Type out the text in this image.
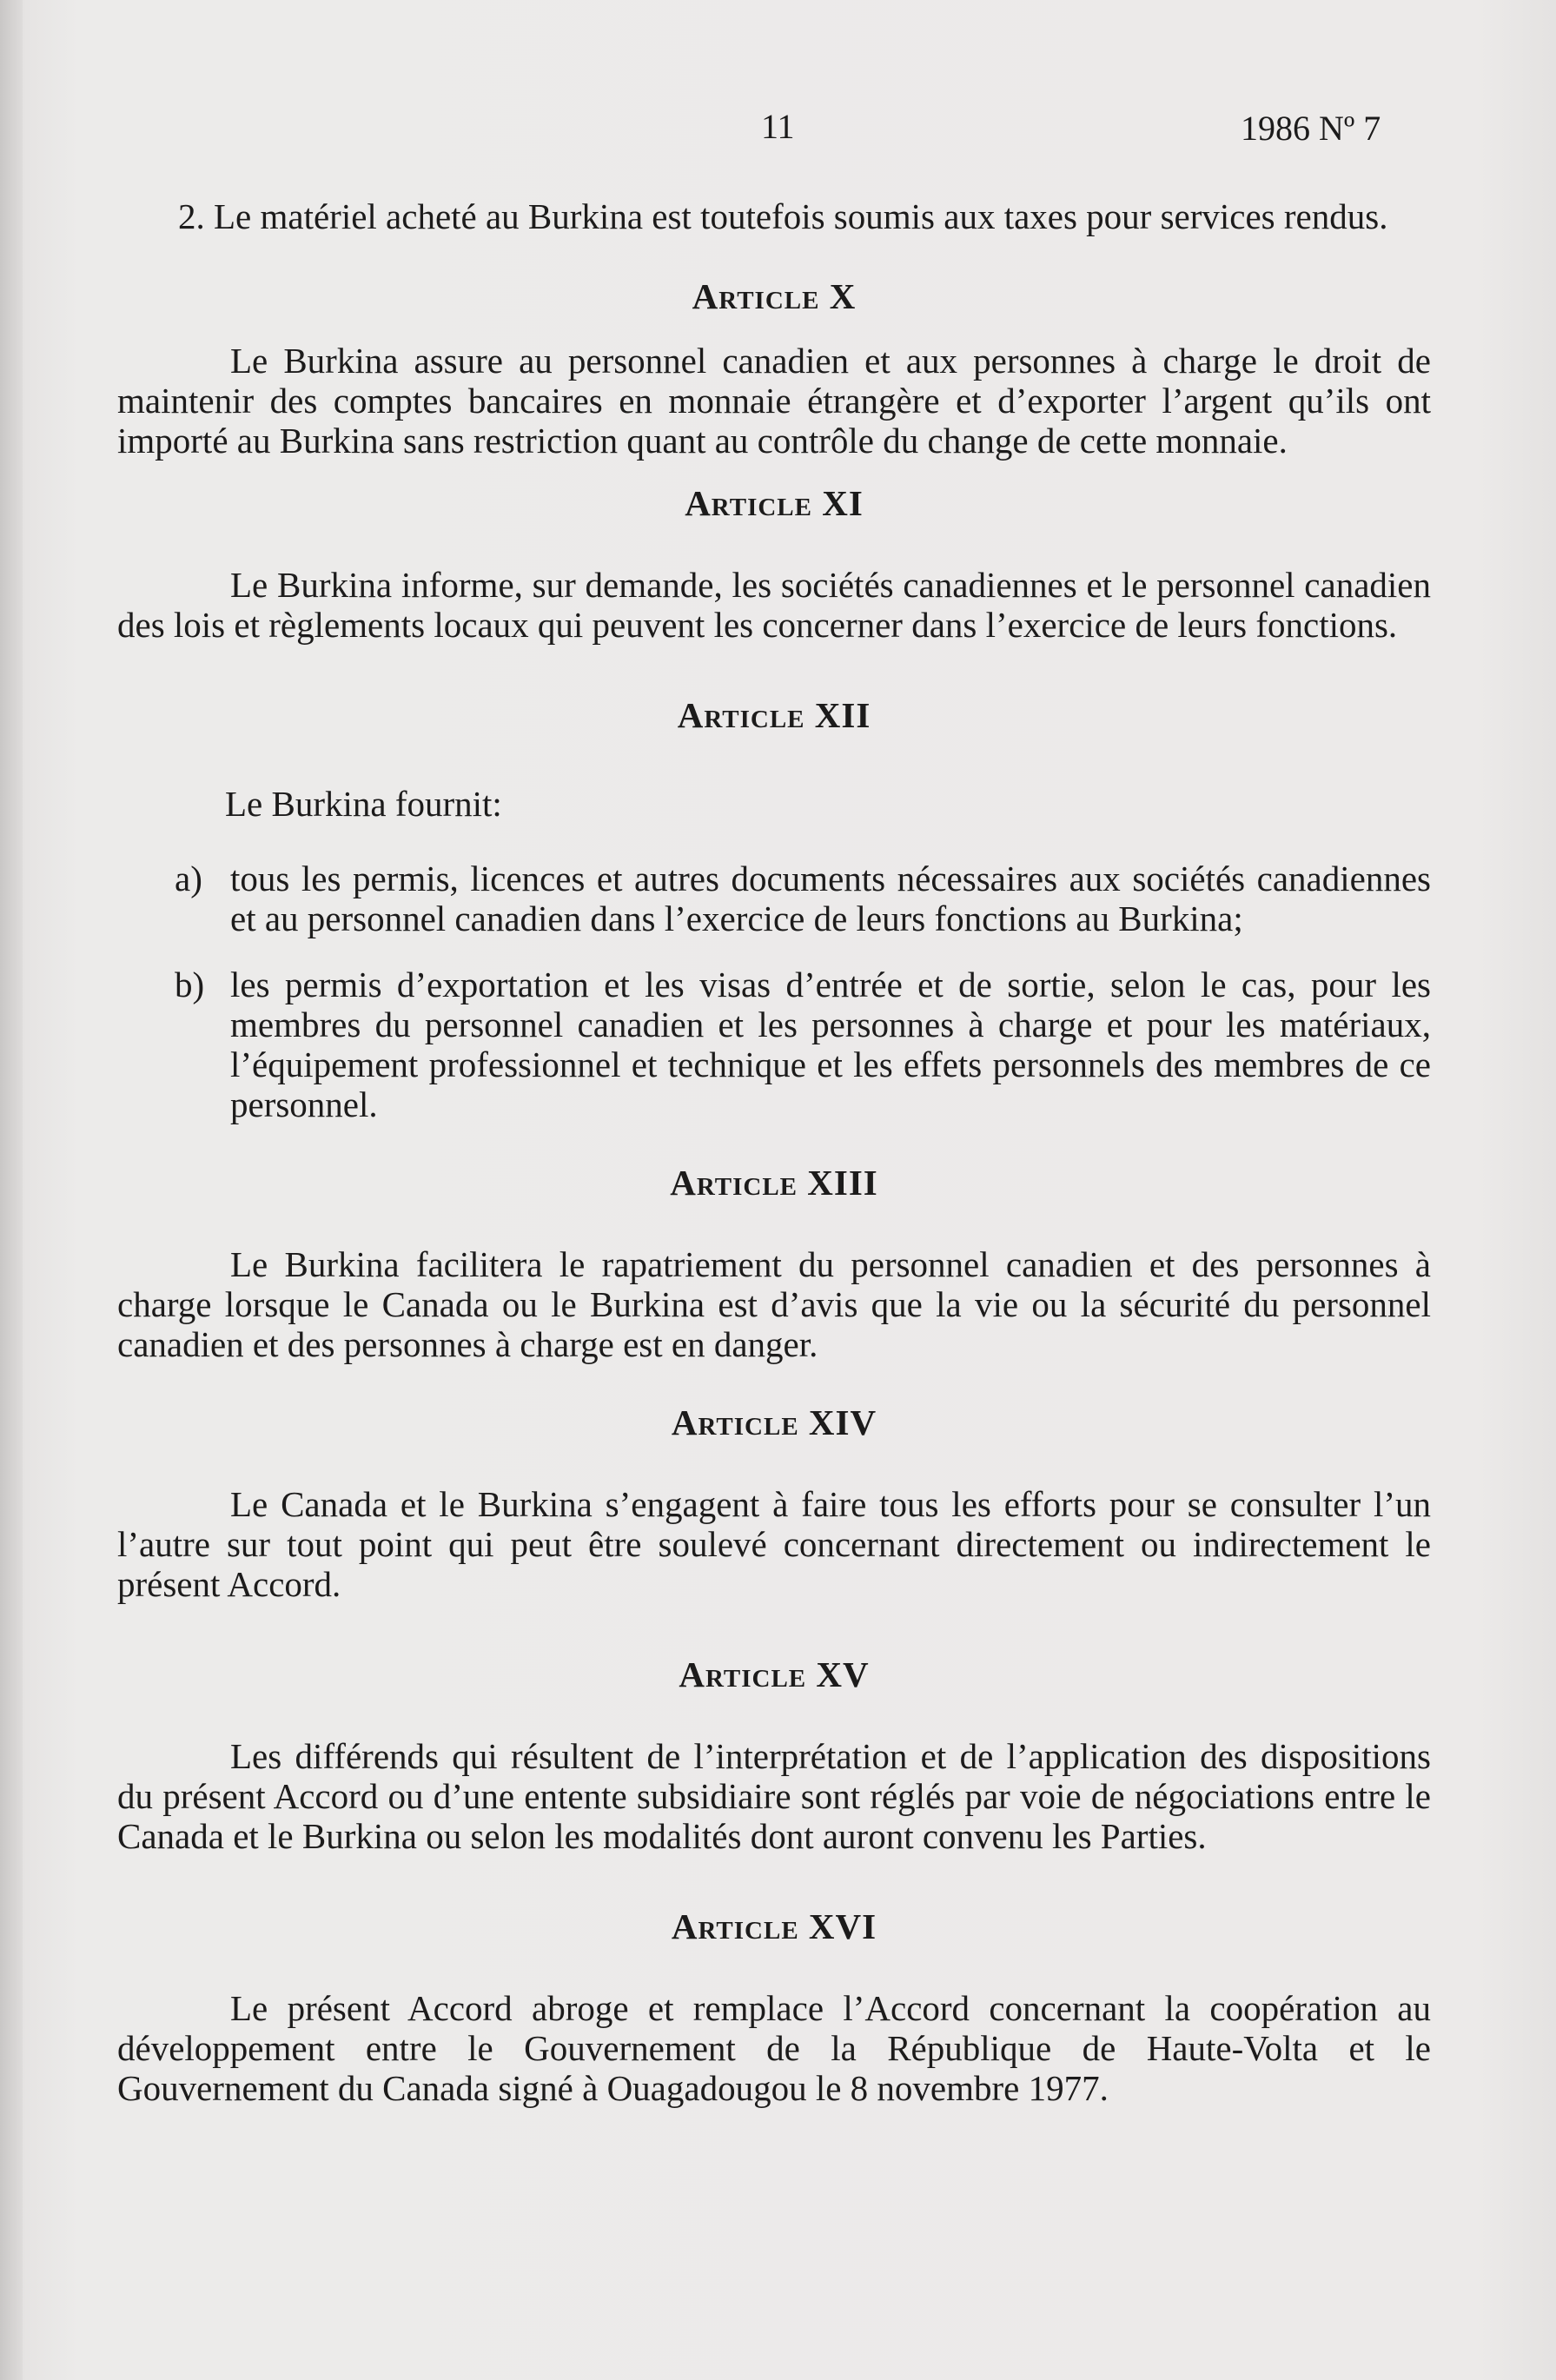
11	1986 Nº 7

2. Le matériel acheté au Burkina est toutefois soumis aux taxes pour services rendus.

Article X

Le Burkina assure au personnel canadien et aux personnes à charge le droit de maintenir des comptes bancaires en monnaie étrangère et d’exporter l’argent qu’ils ont importé au Burkina sans restriction quant au contrôle du change de cette monnaie.

Article XI

Le Burkina informe, sur demande, les sociétés canadiennes et le personnel canadien des lois et règlements locaux qui peuvent les concerner dans l’exercice de leurs fonctions.

Article XII

Le Burkina fournit:

a) tous les permis, licences et autres documents nécessaires aux sociétés canadiennes et au personnel canadien dans l’exercice de leurs fonctions au Burkina;
b) les permis d’exportation et les visas d’entrée et de sortie, selon le cas, pour les membres du personnel canadien et les personnes à charge et pour les matériaux, l’équipement professionnel et technique et les effets personnels des membres de ce personnel.
Article XIII

Le Burkina facilitera le rapatriement du personnel canadien et des personnes à charge lorsque le Canada ou le Burkina est d’avis que la vie ou la sécurité du personnel canadien et des personnes à charge est en danger.

Article XIV

Le Canada et le Burkina s’engagent à faire tous les efforts pour se consulter l’un l’autre sur tout point qui peut être soulevé concernant directement ou indirectement le présent Accord.

Article XV

Les différends qui résultent de l’interprétation et de l’application des dispositions du présent Accord ou d’une entente subsidiaire sont réglés par voie de négociations entre le Canada et le Burkina ou selon les modalités dont auront convenu les Parties.

Article XVI

Le présent Accord abroge et remplace l’Accord concernant la coopération au développement entre le Gouvernement de la République de Haute-Volta et le Gouvernement du Canada signé à Ouagadougou le 8 novembre 1977.
